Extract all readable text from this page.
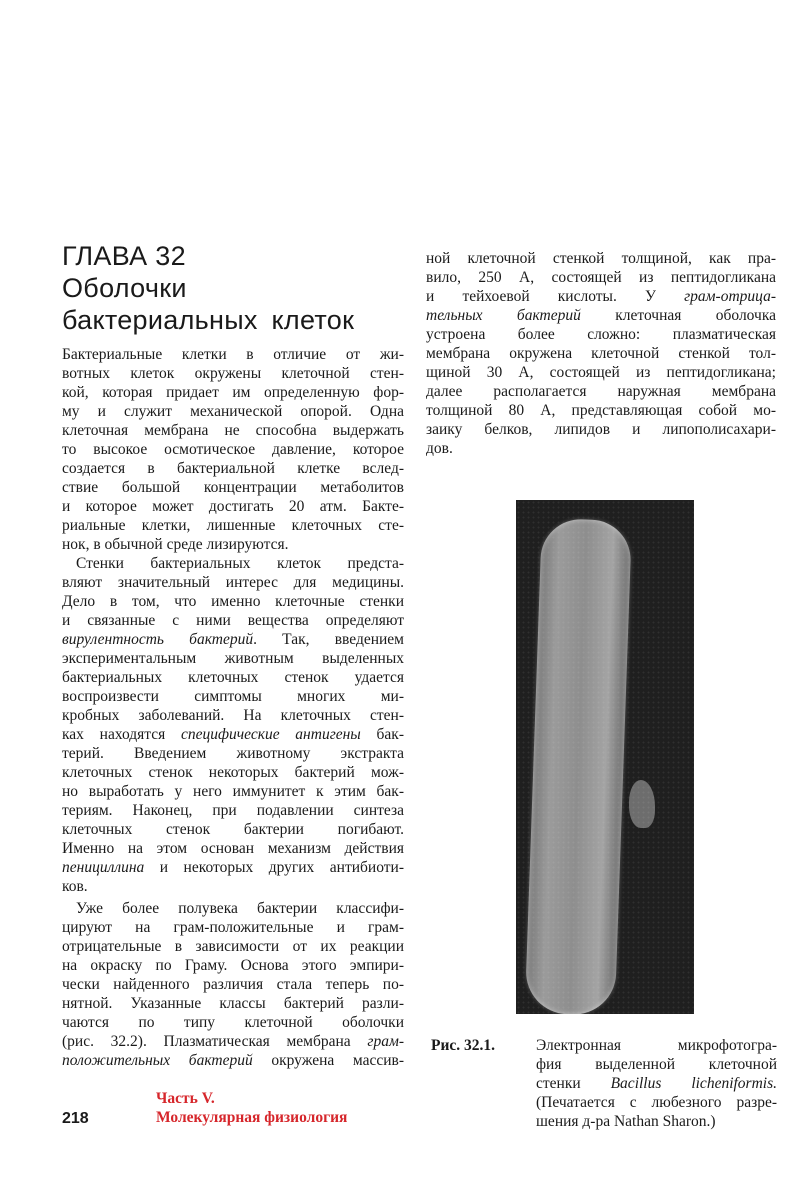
ГЛАВА 32
Оболочки
бактериальных клеток

Бактериальные клетки в отличие от жи-
вотных клеток окружены клеточной стен-
кой, которая придает им определенную фор-
му и служит механической опорой. Одна
клеточная мембрана не способна выдержать
то высокое осмотическое давление, которое
создается в бактериальной клетке вслед-
ствие большой концентрации метаболитов
и которое может достигать 20 атм. Бакте-
риальные клетки, лишенные клеточных сте-
нок, в обычной среде лизируются.

Стенки бактериальных клеток предста-
вляют значительный интерес для медицины.
Дело в том, что именно клеточные стенки
и связанные с ними вещества определяют
вирулентность бактерий. Так, введением
экспериментальным животным выделенных
бактериальных клеточных стенок удается
воспроизвести симптомы многих ми-
кробных заболеваний. На клеточных стен-
ках находятся специфические антигены бак-
терий. Введением животному экстракта
клеточных стенок некоторых бактерий мож-
но выработать у него иммунитет к этим бак-
териям. Наконец, при подавлении синтеза
клеточных стенок бактерии погибают.
Именно на этом основан механизм действия
пенициллина и некоторых других антибиоти-
ков.

Уже более полувека бактерии классифи-
цируют на грам-положительные и грам-
отрицательные в зависимости от их реакции
на окраску по Граму. Основа этого эмпири-
чески найденного различия стала теперь по-
нятной. Указанные классы бактерий разли-
чаются по типу клеточной оболочки
(рис. 32.2). Плазматическая мембрана грам-
положительных бактерий окружена массив-

ной клеточной стенкой толщиной, как пра-
вило, 250 А, состоящей из пептидогликана
и тейхоевой кислоты. У грам-отрица-
тельных бактерий клеточная оболочка
устроена более сложно: плазматическая
мембрана окружена клеточной стенкой тол-
щиной 30 А, состоящей из пептидогликана;
далее располагается наружная мембрана
толщиной 80 А, представляющая собой мо-
заику белков, липидов и липополисахари-
дов.

Рис. 32.1.	Электронная микрофотогра-
фия выделенной клеточной
стенки Bacillus licheniformis.
(Печатается с любезного разре-
шения д-ра Nathan Sharon.)
218
Часть V.
Молекулярная физиология
